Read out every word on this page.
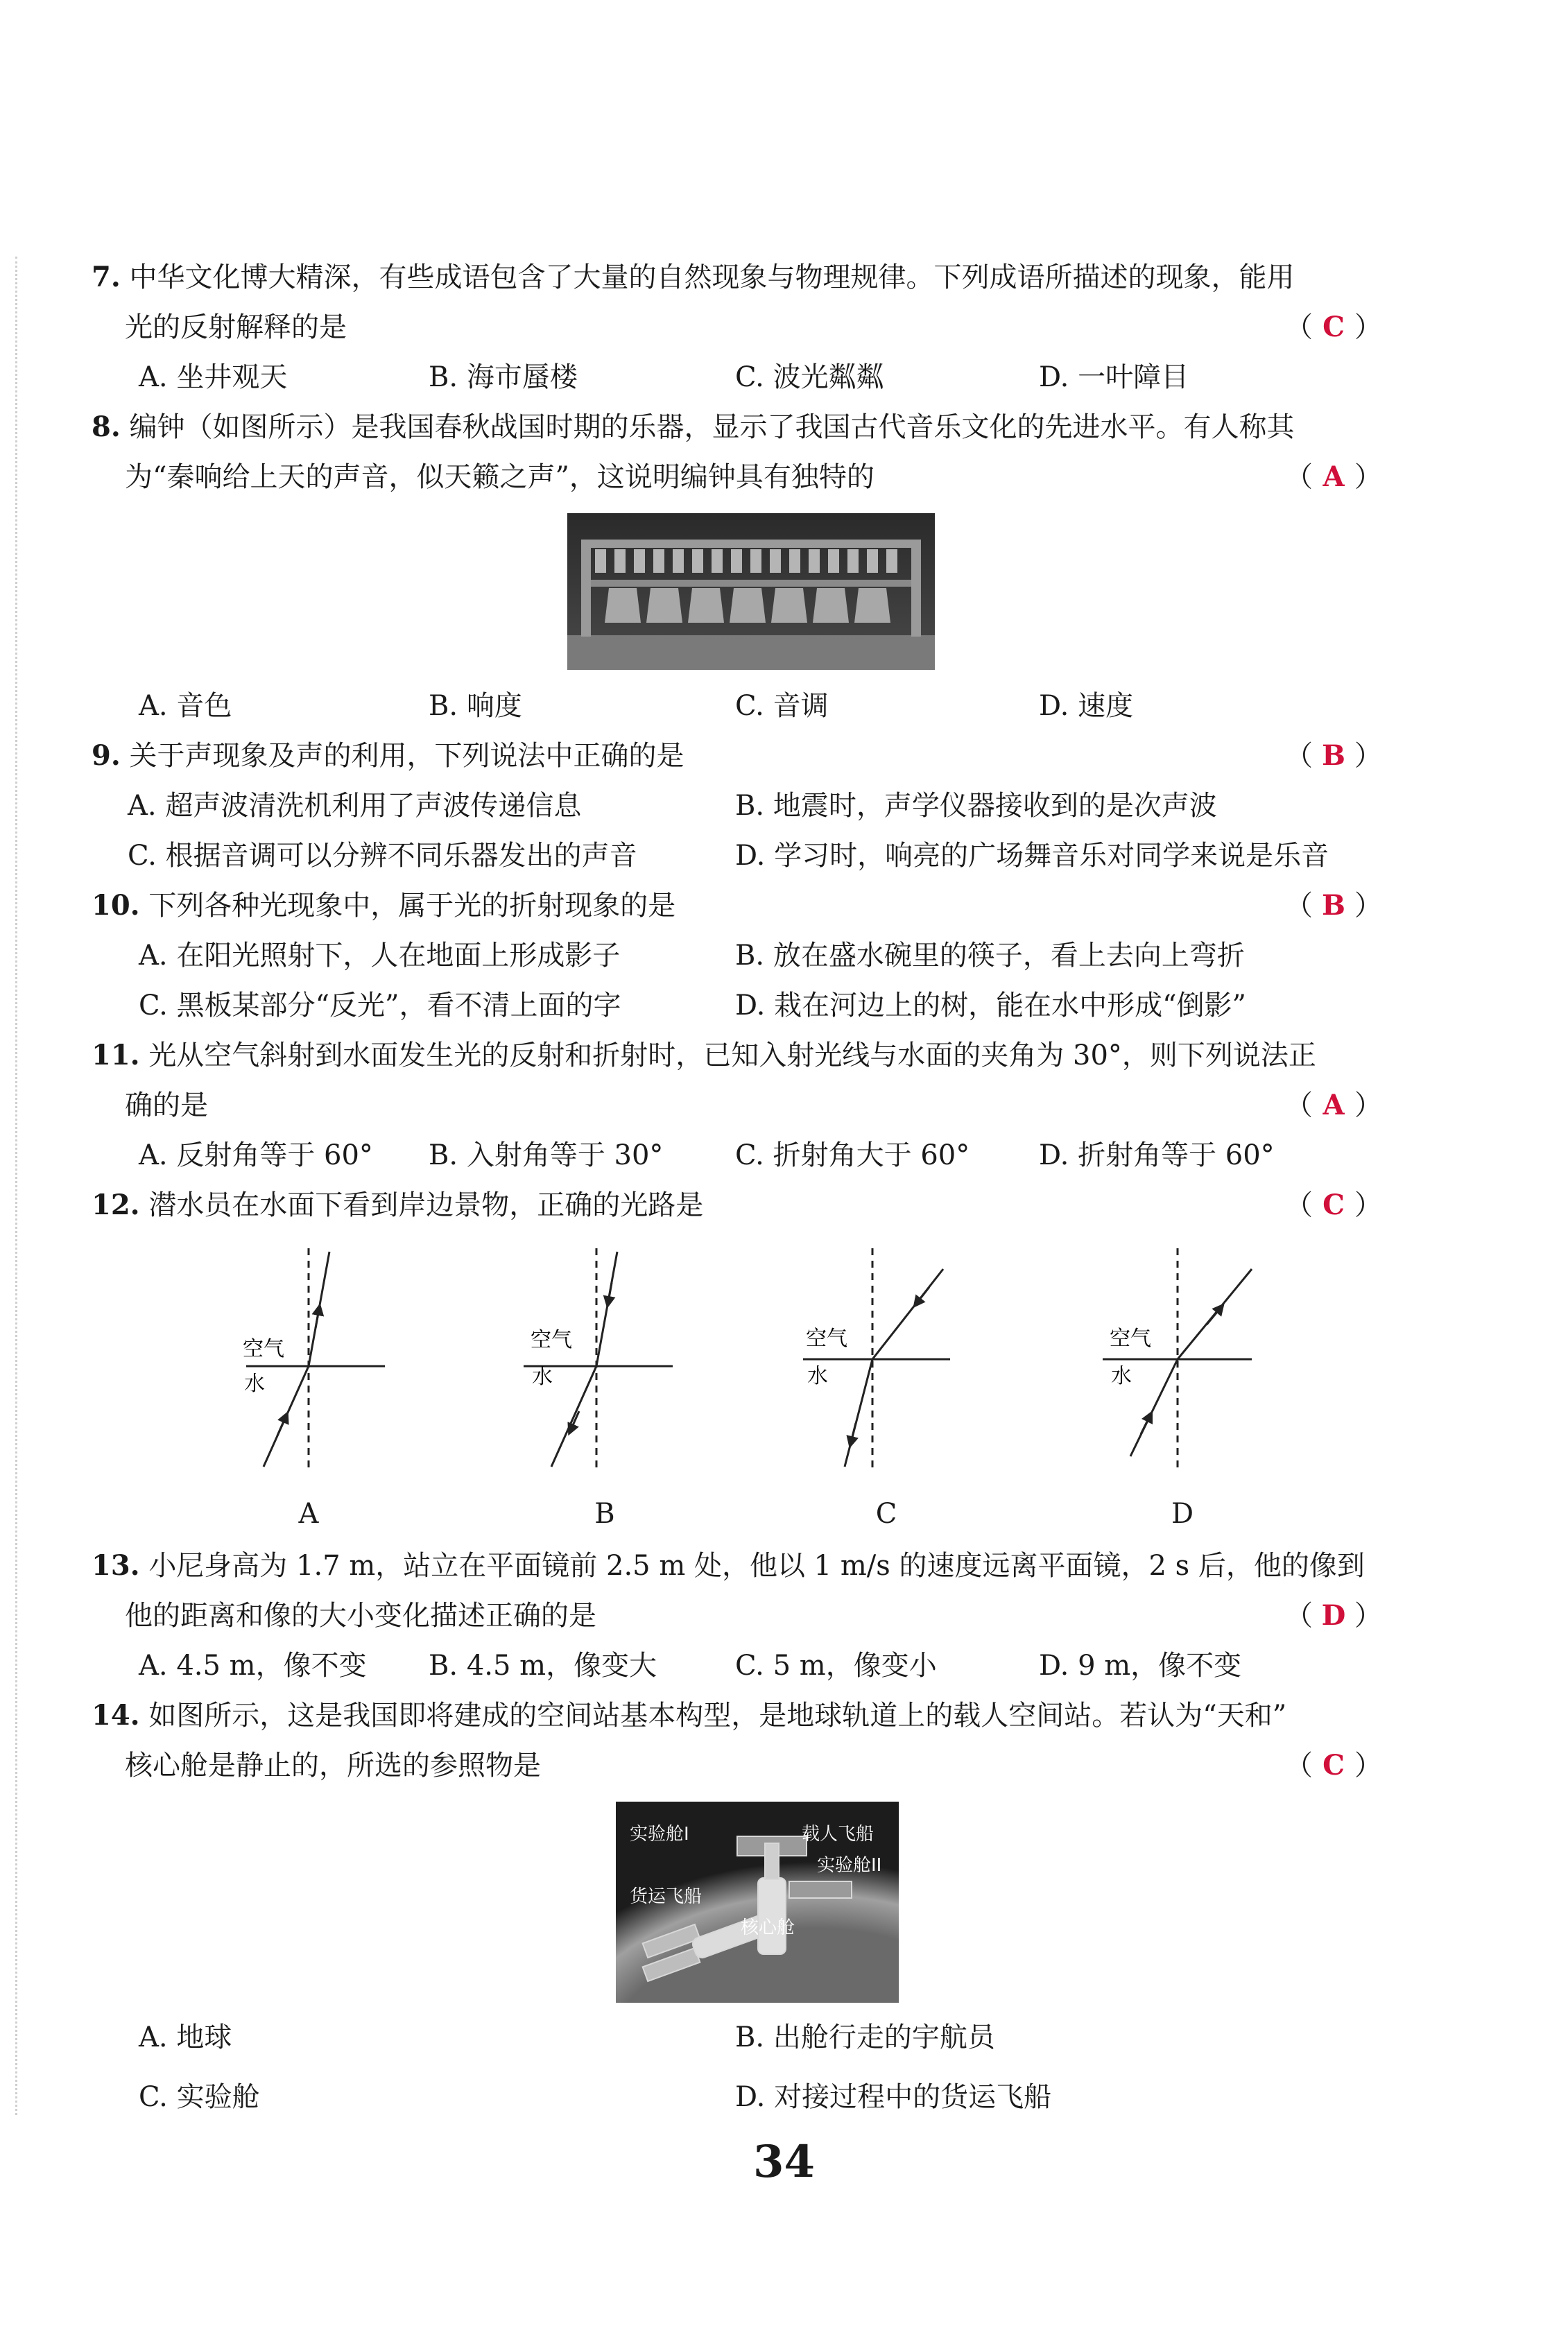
7. 中华文化博大精深，有些成语包含了大量的自然现象与物理规律。下列成语所描述的现象，能用
光的反射解释的是	（ C ）
A. 坐井观天	B. 海市蜃楼	C. 波光粼粼	D. 一叶障目
8. 编钟（如图所示）是我国春秋战国时期的乐器，显示了我国古代音乐文化的先进水平。有人称其
为“秦响给上天的声音，似天籁之声”，这说明编钟具有独特的	（ A ）
A. 音色	B. 响度	C. 音调	D. 速度
9. 关于声现象及声的利用，下列说法中正确的是	（ B ）
A. 超声波清洗机利用了声波传递信息	B. 地震时，声学仪器接收到的是次声波
C. 根据音调可以分辨不同乐器发出的声音	D. 学习时，响亮的广场舞音乐对同学来说是乐音
10. 下列各种光现象中，属于光的折射现象的是	（ B ）
A. 在阳光照射下，人在地面上形成影子	B. 放在盛水碗里的筷子，看上去向上弯折
C. 黑板某部分“反光”，看不清上面的字	D. 栽在河边上的树，能在水中形成“倒影”
11. 光从空气斜射到水面发生光的反射和折射时，已知入射光线与水面的夹角为 30°，则下列说法正
确的是	（ A ）
A. 反射角等于 60° B. 入射角等于 30°	C. 折射角大于 60° D. 折射角等于 60°
12. 潜水员在水面下看到岸边景物，正确的光路是	（ C ）
空气
水
空气
水
空气
水
空气
水
A	B	C	D
13. 小尼身高为 1.7 m，站立在平面镜前 2.5 m 处，他以 1 m/s 的速度远离平面镜，2 s 后，他的像到
他的距离和像的大小变化描述正确的是	（ D ）
A. 4.5 m，像不变 B. 4.5 m，像变大	C. 5 m，像变小	D. 9 m，像不变
14. 如图所示，这是我国即将建成的空间站基本构型，是地球轨道上的载人空间站。若认为“天和”
核心舱是静止的，所选的参照物是	（ C ）
实验舱I	载人飞船
实验舱II
货运飞船
核心舱
A. 地球	B. 出舱行走的宇航员
C. 实验舱	D. 对接过程中的货运飞船
34
